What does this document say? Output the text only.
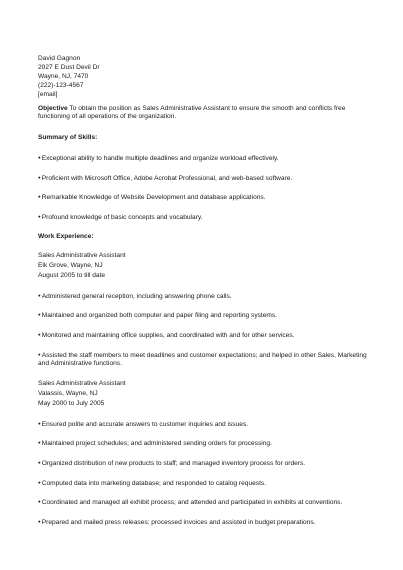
David Gagnon
2027 E Dust Devil Dr
Wayne, NJ, 7470
(222)-123-4567
[email]
Objective To obtain the position as Sales Administrative Assistant to ensure the smooth and conflicts free functioning of all operations of the organization.
Summary of Skills:
● Exceptional ability to handle multiple deadlines and organize workload effectively.
● Proficient with Microsoft Office, Adobe Acrobat Professional, and web-based software.
● Remarkable Knowledge of Website Development and database applications.
● Profound knowledge of basic concepts and vocabulary.
Work Experience:
Sales Administrative Assistant
Elk Grove, Wayne, NJ
August 2005 to till date
● Administered general reception, including answering phone calls.
● Maintained and organized both computer and paper filing and reporting systems.
● Monitored and maintaining office supplies, and coordinated with and for other services.
● Assisted the staff members to meet deadlines and customer expectations; and helped in other Sales, Marketing and Administrative functions.
Sales Administrative Assistant
Valassis, Wayne, NJ
May 2000 to July 2005
● Ensured polite and accurate answers to customer inquiries and issues.
● Maintained project schedules; and administered sending orders for processing.
● Organized distribution of new products to staff; and managed inventory process for orders.
● Computed data into marketing database; and responded to catalog requests.
● Coordinated and managed all exhibit process; and attended and participated in exhibits at conventions.
● Prepared and mailed press releases; processed invoices and assisted in budget preparations.
